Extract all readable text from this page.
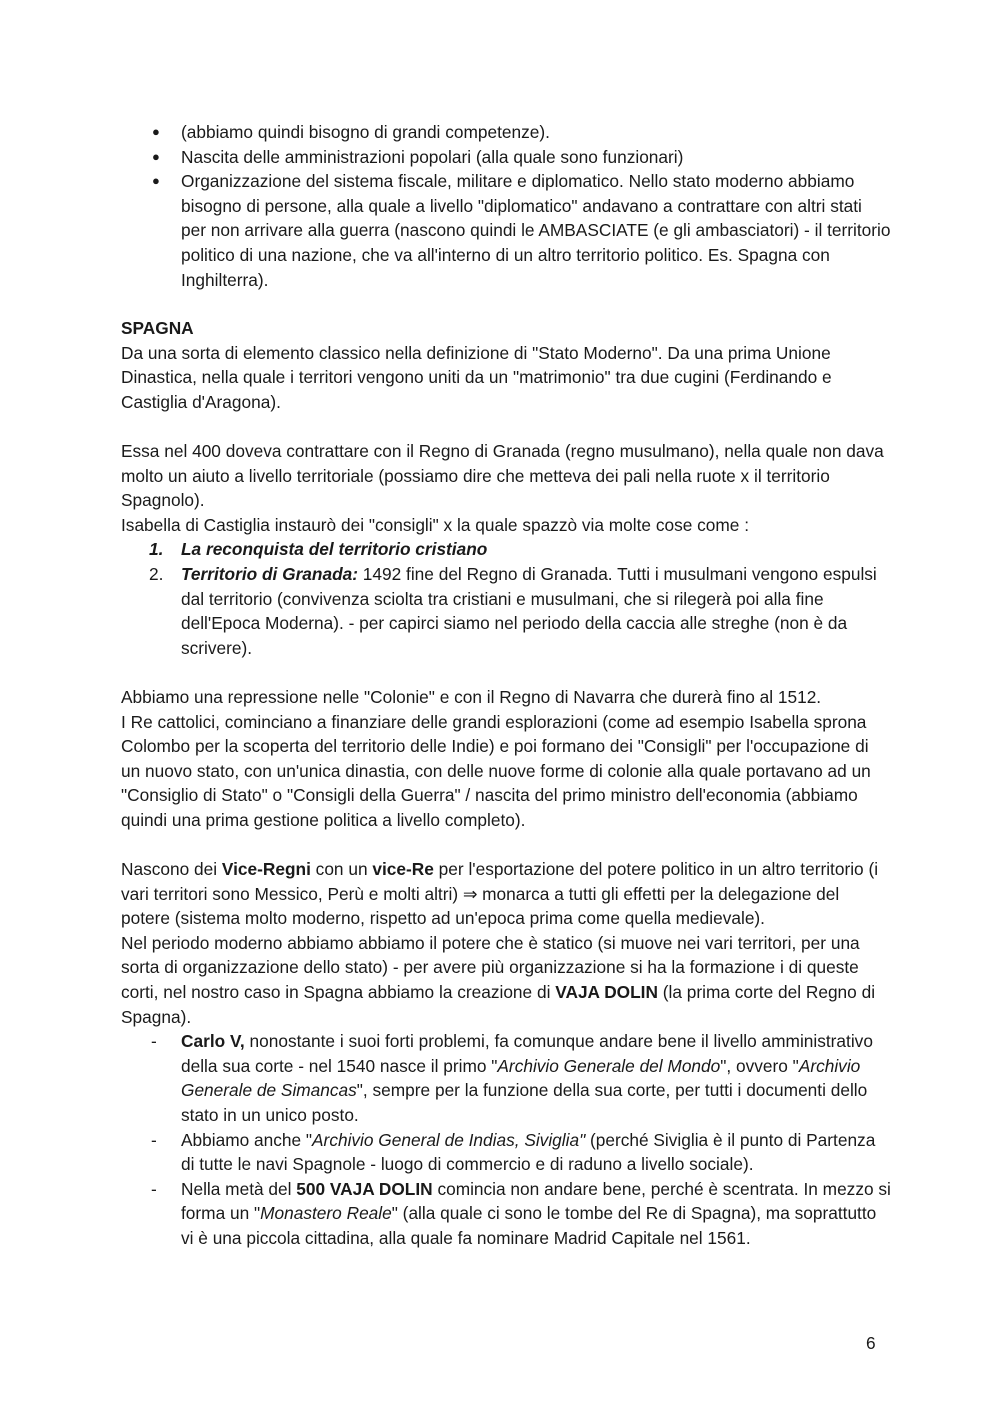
● (abbiamo quindi bisogno di grandi competenze).
● Nascita delle amministrazioni popolari (alla quale sono funzionari)
● Organizzazione del sistema fiscale, militare e diplomatico. Nello stato moderno abbiamo bisogno di persone, alla quale a livello "diplomatico" andavano a contrattare con altri stati per non arrivare alla guerra (nascono quindi le AMBASCIATE (e gli ambasciatori) - il territorio politico di una nazione, che va all'interno di un altro territorio politico. Es. Spagna con Inghilterra).

SPAGNA

Da una sorta di elemento classico nella definizione di "Stato Moderno". Da una prima Unione Dinastica, nella quale i territori vengono uniti da un "matrimonio" tra due cugini (Ferdinando e Castiglia d'Aragona).

Essa nel 400 doveva contrattare con il Regno di Granada (regno musulmano), nella quale non dava molto un aiuto a livello territoriale (possiamo dire che metteva dei pali nella ruote x il territorio Spagnolo).

Isabella di Castiglia instaurò dei "consigli" x la quale spazzò via molte cose come :

1. La reconquista del territorio cristiano
2. Territorio di Granada: 1492 fine del Regno di Granada. Tutti i musulmani vengono espulsi dal territorio (convivenza sciolta tra cristiani e musulmani, che si rilegerà poi alla fine dell'Epoca Moderna). - per capirci siamo nel periodo della caccia alle streghe (non è da scrivere).

Abbiamo una repressione nelle "Colonie" e con il Regno di Navarra che durerà fino al 1512.

I Re cattolici, cominciano a finanziare delle grandi esplorazioni (come ad esempio Isabella sprona Colombo per la scoperta del territorio delle Indie) e poi formano dei "Consigli" per l'occupazione di un nuovo stato, con un'unica dinastia, con delle nuove forme di colonie alla quale portavano ad un "Consiglio di Stato" o "Consigli della Guerra" / nascita del primo ministro dell'economia (abbiamo quindi una prima gestione politica a livello completo).

Nascono dei Vice-Regni con un vice-Re per l'esportazione del potere politico in un altro territorio (i vari territori sono Messico, Perù e molti altri) ⇒ monarca a tutti gli effetti per la delegazione del potere (sistema molto moderno, rispetto ad un'epoca prima come quella medievale).

Nel periodo moderno abbiamo abbiamo il potere che è statico (si muove nei vari territori, per una sorta di organizzazione dello stato) - per avere più organizzazione si ha la formazione i di queste corti, nel nostro caso in Spagna abbiamo la creazione di VAJA DOLIN (la prima corte del Regno di Spagna).

- Carlo V, nonostante i suoi forti problemi, fa comunque andare bene il livello amministrativo della sua corte - nel 1540 nasce il primo "Archivio Generale del Mondo", ovvero "Archivio Generale de Simancas", sempre per la funzione della sua corte, per tutti i documenti dello stato in un unico posto.
- Abbiamo anche "Archivio General de Indias, Siviglia" (perché Siviglia è il punto di Partenza di tutte le navi Spagnole - luogo di commercio e di raduno a livello sociale).
- Nella metà del 500 VAJA DOLIN comincia non andare bene, perché è scentrata. In mezzo si forma un "Monastero Reale" (alla quale ci sono le tombe del Re di Spagna), ma soprattutto vi è una piccola cittadina, alla quale fa nominare Madrid Capitale nel 1561.
6
